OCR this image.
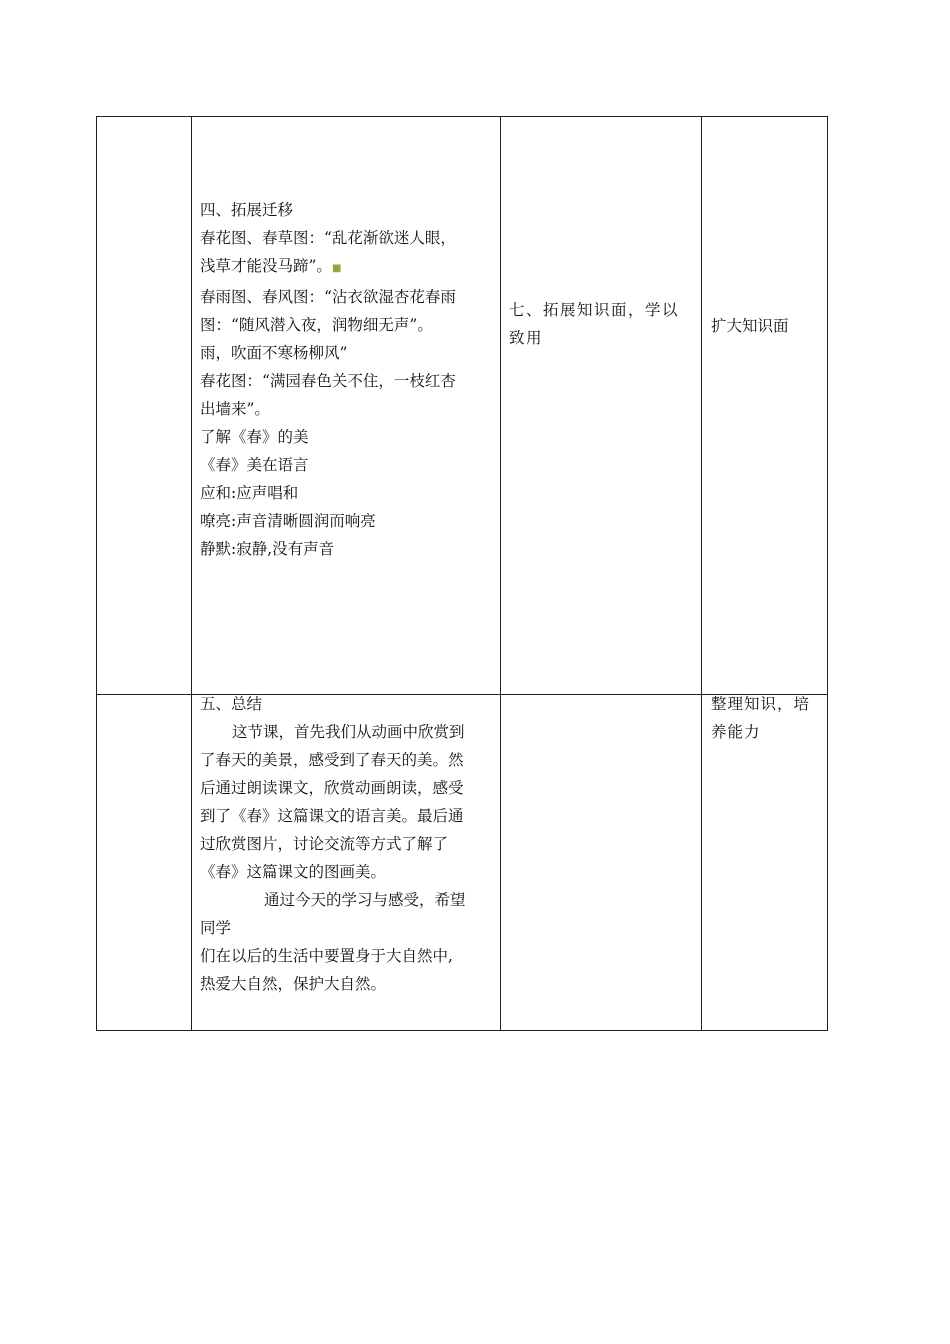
四、拓展迁移

春花图、春草图：“乱花渐欲迷人眼，

浅草才能没马蹄”。■

春雨图、春风图：“沾衣欲湿杏花春雨

图：“随风潜入夜，润物细无声”。

雨，吹面不寒杨柳风”

春花图：“满园春色关不住，一枝红杏

出墙来”。

了解《春》的美

《春》美在语言

应和:应声唱和

嘹亮:声音清晰圆润而响亮

静默:寂静,没有声音

七、拓展知识面，学以

致用

扩大知识面

五、总结

这节课，首先我们从动画中欣赏到

了春天的美景，感受到了春天的美。然

后通过朗读课文，欣赏动画朗读，感受

到了《春》这篇课文的语言美。最后通

过欣赏图片，讨论交流等方式了解了

《春》这篇课文的图画美。

通过今天的学习与感受，希望

同学

们在以后的生活中要置身于大自然中,

热爱大自然，保护大自然。

整理知识，培

养能力
